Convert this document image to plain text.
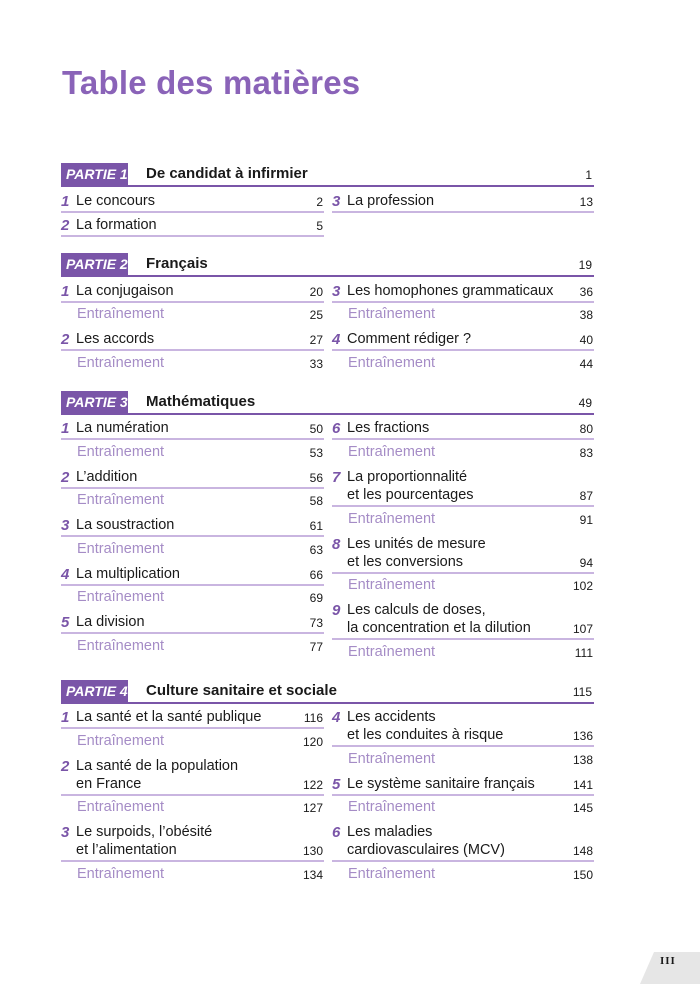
Table des matières
PARTIE 1 De candidat à infirmier	1
1 Le concours	2
2 La formation	5
3 La profession	13
PARTIE 2 Français	19
1 La conjugaison	20
Entraînement	25
2 Les accords	27
Entraînement	33
3 Les homophones grammaticaux 36
Entraînement	38
4 Comment rédiger ?	40
Entraînement	44
PARTIE 3 Mathématiques	49
1 La numération	50
Entraînement	53
2 L’addition	56
Entraînement	58
3 La soustraction	61
Entraînement	63
4 La multiplication	66
Entraînement	69
5 La division	73
Entraînement	77
6 Les fractions	80
Entraînement	83
7 La proportionnalité
et les pourcentages	87
Entraînement	91
8 Les unités de mesure
et les conversions	94
Entraînement	102
9 Les calculs de doses,
la concentration et la dilution	107
Entraînement	111
PARTIE 4 Culture sanitaire et sociale	115
1 La santé et la santé publique	116
Entraînement	120
2 La santé de la population
en France	122
Entraînement	127
3 Le surpoids, l’obésité
et l’alimentation	130
Entraînement	134
4 Les accidents
et les conduites à risque	136
Entraînement	138
5 Le système sanitaire français	141
Entraînement	145
6 Les maladies
cardiovasculaires (MCV)	148
Entraînement	150
III
